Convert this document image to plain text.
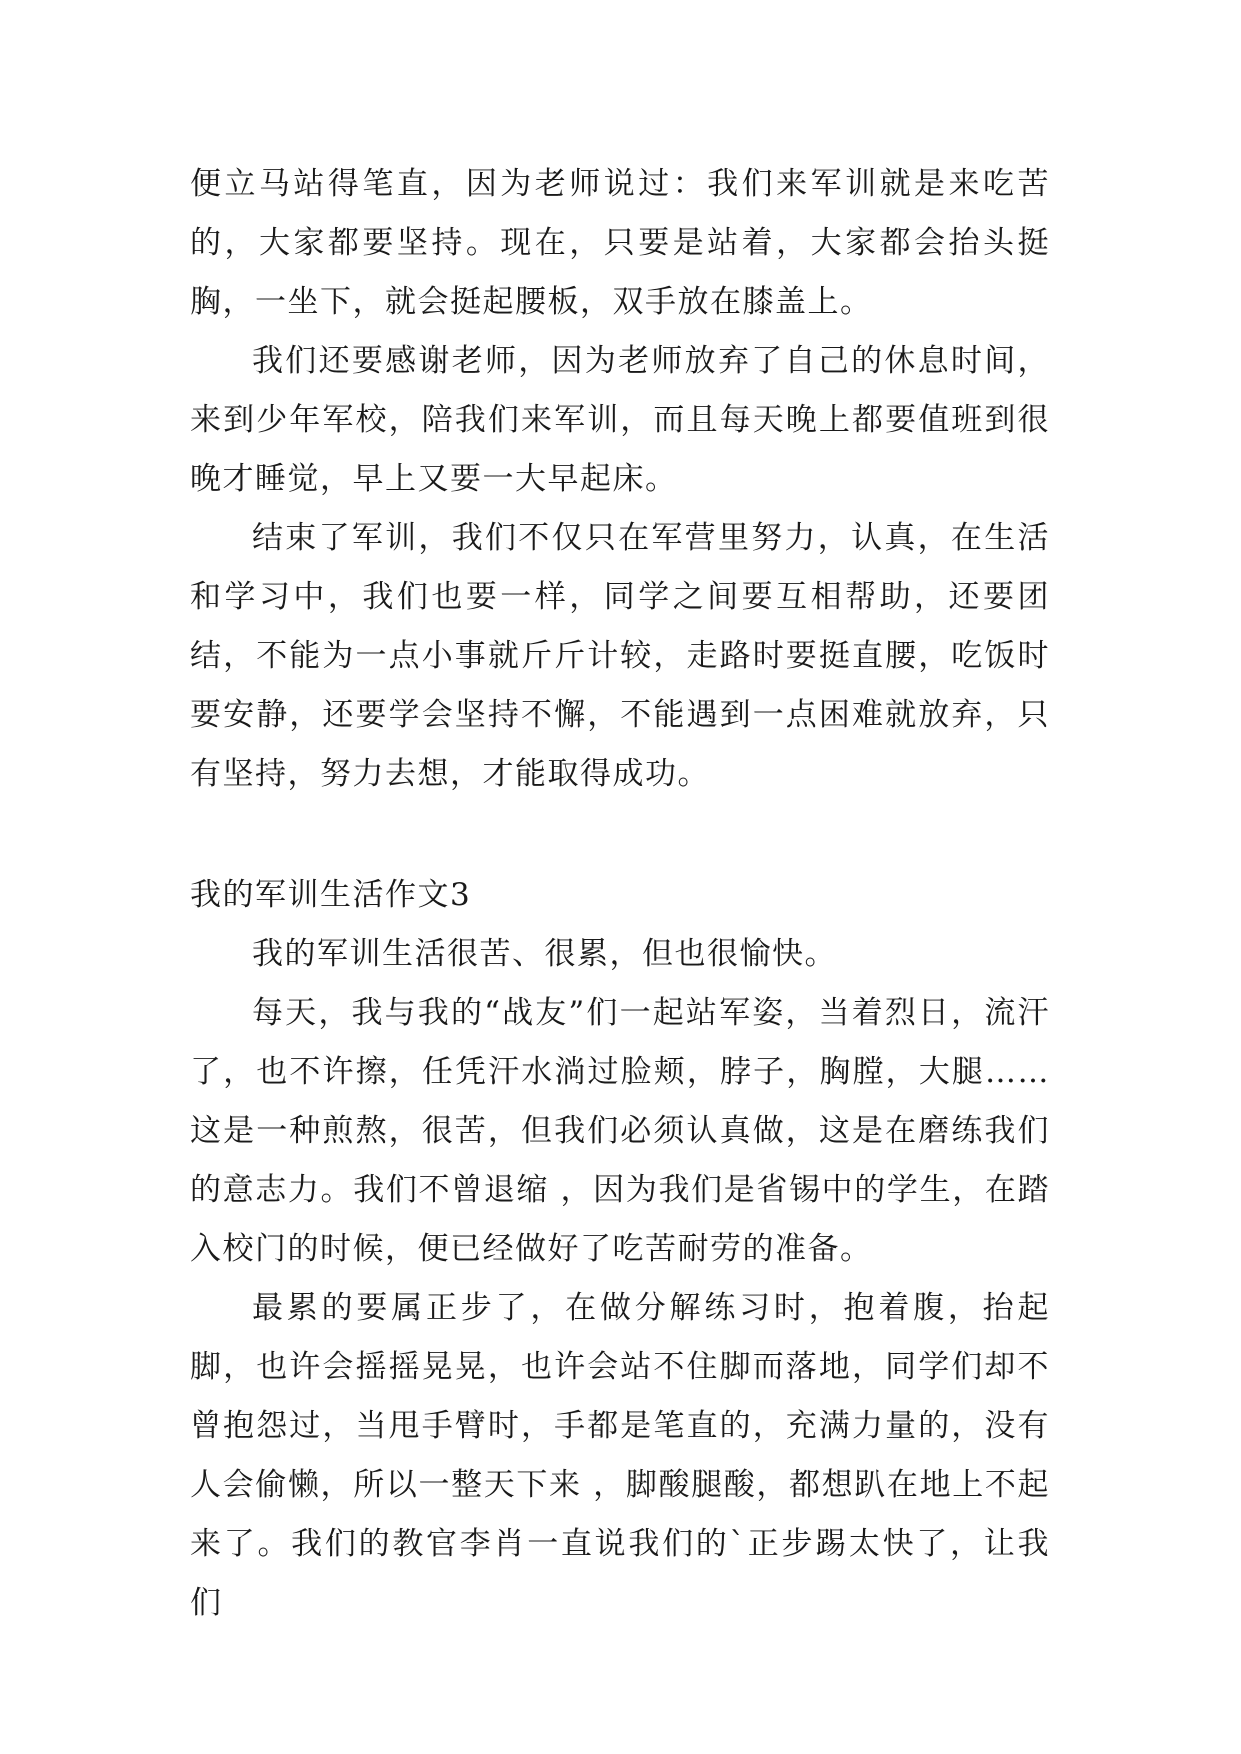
便立马站得笔直，因为老师说过：我们来军训就是来吃苦的，大家都要坚持。现在，只要是站着，大家都会抬头挺胸，一坐下，就会挺起腰板，双手放在膝盖上。

我们还要感谢老师，因为老师放弃了自己的休息时间，来到少年军校，陪我们来军训，而且每天晚上都要值班到很晚才睡觉，早上又要一大早起床。

结束了军训，我们不仅只在军营里努力，认真，在生活和学习中，我们也要一样，同学之间要互相帮助，还要团结，不能为一点小事就斤斤计较，走路时要挺直腰，吃饭时要安静，还要学会坚持不懈，不能遇到一点困难就放弃，只有坚持，努力去想，才能取得成功。

我的军训生活作文3

我的军训生活很苦、很累，但也很愉快。

每天，我与我的“战友”们一起站军姿，当着烈日，流汗了，也不许擦，任凭汗水淌过脸颊，脖子，胸膛，大腿……这是一种煎熬，很苦，但我们必须认真做，这是在磨练我们的意志力。我们不曾退缩 ，因为我们是省锡中的学生，在踏入校门的时候，便已经做好了吃苦耐劳的准备。

最累的要属正步了，在做分解练习时，抱着腹，抬起脚，也许会摇摇晃晃，也许会站不住脚而落地，同学们却不曾抱怨过，当甩手臂时，手都是笔直的，充满力量的，没有人会偷懒，所以一整天下来 ，脚酸腿酸，都想趴在地上不起来了。我们的教官李肖一直说我们的`正步踢太快了，让我们
